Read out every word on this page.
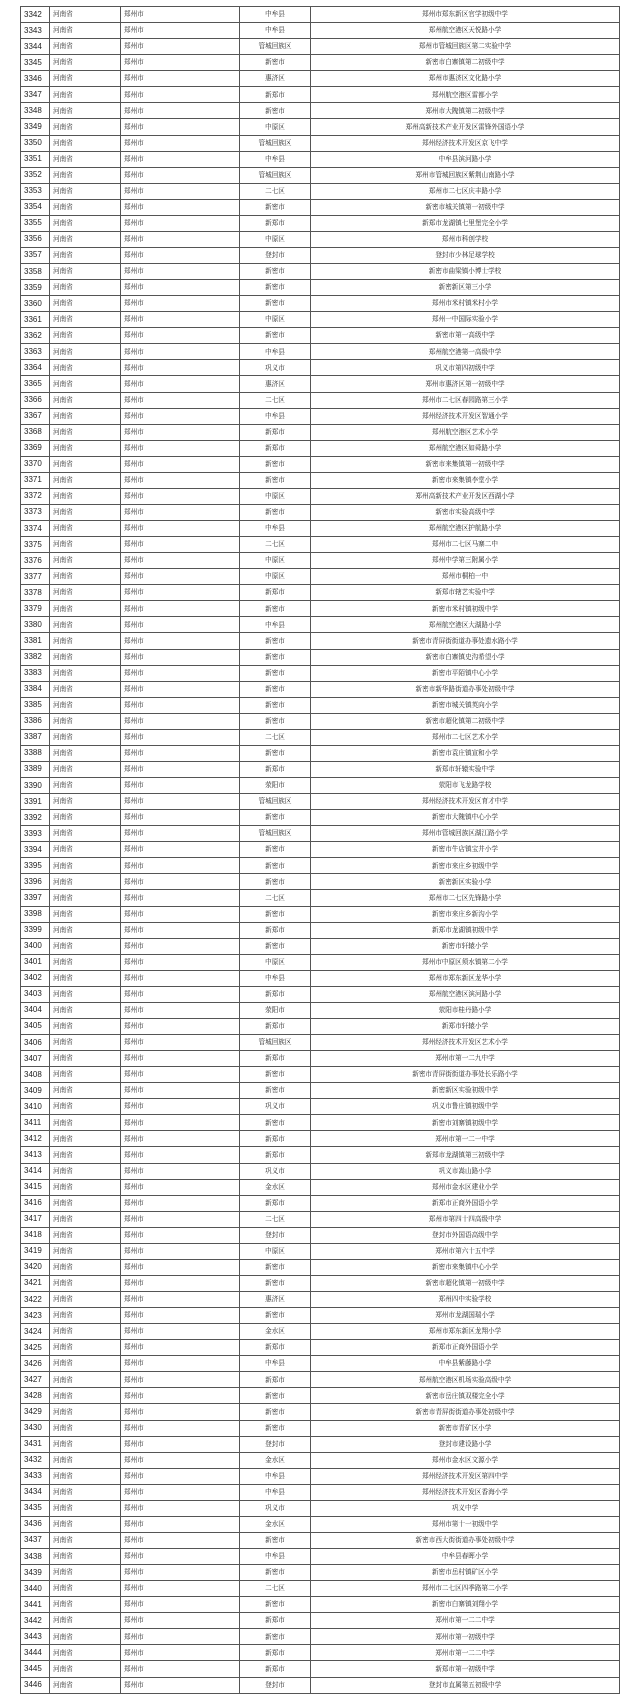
3342	河南省	郑州市	中牟县	郑州市郑东新区官学初级中学
3343	河南省	郑州市	中牟县	郑州航空港区天悦路小学
3344	河南省	郑州市	管城回族区	郑州市管城回族区第二实验中学
3345	河南省	郑州市	新密市	新密市白寨镇第二初级中学
3346	河南省	郑州市	惠济区	郑州市惠济区文化路小学
3347	河南省	郑州市	新郑市	郑州航空港区雷都小学
3348	河南省	郑州市	新密市	郑州市大隗镇第二初级中学
3349	河南省	郑州市	中原区	郑州高新技术产业开发区雷锋外国语小学
3350	河南省	郑州市	管城回族区	郑州经济技术开发区京飞中学
3351	河南省	郑州市	中牟县	中牟县滨河路小学
3352	河南省	郑州市	管城回族区	郑州市管城回族区紫荆山南路小学
3353	河南省	郑州市	二七区	郑州市二七区庆丰路小学
3354	河南省	郑州市	新密市	新密市城关镇第一初级中学
3355	河南省	郑州市	新郑市	新郑市龙湖镇七里堡完全小学
3356	河南省	郑州市	中原区	郑州市科创学校
3357	河南省	郑州市	登封市	登封市少林足球学校
3358	河南省	郑州市	新密市	新密市曲梁镇小博士学校
3359	河南省	郑州市	新密市	新密新区第三小学
3360	河南省	郑州市	新密市	郑州市米村镇米村小学
3361	河南省	郑州市	中原区	郑州一中国际实验小学
3362	河南省	郑州市	新密市	新密市第一高级中学
3363	河南省	郑州市	中牟县	郑州航空港第一高级中学
3364	河南省	郑州市	巩义市	巩义市第四初级中学
3365	河南省	郑州市	惠济区	郑州市惠济区第一初级中学
3366	河南省	郑州市	二七区	郑州市二七区春园路第三小学
3367	河南省	郑州市	中牟县	郑州经济技术开发区智通小学
3368	河南省	郑州市	新郑市	郑州航空港区艺术小学
3369	河南省	郑州市	新郑市	郑州航空港区如舜路小学
3370	河南省	郑州市	新密市	新密市来集镇第一初级中学
3371	河南省	郑州市	新密市	新密市来集镇李堂小学
3372	河南省	郑州市	中原区	郑州高新技术产业开发区西湖小学
3373	河南省	郑州市	新密市	新密市实验高级中学
3374	河南省	郑州市	中牟县	郑州航空港区护航路小学
3375	河南省	郑州市	二七区	郑州市二七区马寨二中
3376	河南省	郑州市	中原区	郑州中学第三附属小学
3377	河南省	郑州市	中原区	郑州市桐柏一中
3378	河南省	郑州市	新郑市	新郑市辖艺实验中学
3379	河南省	郑州市	新密市	新密市米村镇初级中学
3380	河南省	郑州市	中牟县	郑州航空港区大湖路小学
3381	河南省	郑州市	新密市	新密市青屏街街道办事处遗水路小学
3382	河南省	郑州市	新密市	新密市白寨镇史沟希望小学
3383	河南省	郑州市	新密市	新密市平陌镇中心小学
3384	河南省	郑州市	新密市	新密市新华路街道办事处初级中学
3385	河南省	郑州市	新密市	新密市城关镇英向小学
3386	河南省	郑州市	新密市	新密市超化镇第二初级中学
3387	河南省	郑州市	二七区	郑州市二七区艺术小学
3388	河南省	郑州市	新密市	新密市袁庄镇宣和小学
3389	河南省	郑州市	新郑市	新郑市轩辕实验中学
3390	河南省	郑州市	荥阳市	荥阳市飞龙路学校
3391	河南省	郑州市	管城回族区	郑州经济技术开发区育才中学
3392	河南省	郑州市	新密市	新密市大隗镇中心小学
3393	河南省	郑州市	管城回族区	郑州市管城回族区湖江路小学
3394	河南省	郑州市	新密市	新密市牛店镇宝井小学
3395	河南省	郑州市	新密市	新密市来庄乡初级中学
3396	河南省	郑州市	新密市	新密新区实验小学
3397	河南省	郑州市	二七区	郑州市二七区先锋路小学
3398	河南省	郑州市	新密市	新密市来庄乡新沟小学
3399	河南省	郑州市	新郑市	新郑市龙湖镇初级中学
3400	河南省	郑州市	新密市	新密市轩辕小学
3401	河南省	郑州市	中原区	郑州市中原区须水镇第二小学
3402	河南省	郑州市	中牟县	郑州市郑东新区龙华小学
3403	河南省	郑州市	新郑市	郑州航空港区滨河路小学
3404	河南省	郑州市	荥阳市	荥阳市桂丹路小学
3405	河南省	郑州市	新郑市	新郑市轩辕小学
3406	河南省	郑州市	管城回族区	郑州经济技术开发区艺术小学
3407	河南省	郑州市	新郑市	郑州市第一二九中学
3408	河南省	郑州市	新密市	新密市青屏街街道办事处长乐路小学
3409	河南省	郑州市	新密市	新密新区实验初级中学
3410	河南省	郑州市	巩义市	巩义市鲁庄镇初级中学
3411	河南省	郑州市	新密市	新密市刘寨镇初级中学
3412	河南省	郑州市	新郑市	郑州市第一二一中学
3413	河南省	郑州市	新郑市	新郑市龙湖镇第三初级中学
3414	河南省	郑州市	巩义市	巩义市嵩山路小学
3415	河南省	郑州市	金水区	郑州市金水区建业小学
3416	河南省	郑州市	新郑市	新郑市正商外国语小学
3417	河南省	郑州市	二七区	郑州市第四十四高级中学
3418	河南省	郑州市	登封市	登封市外国语高级中学
3419	河南省	郑州市	中原区	郑州市第六十五中学
3420	河南省	郑州市	新密市	新密市来集镇中心小学
3421	河南省	郑州市	新密市	新密市超化镇第一初级中学
3422	河南省	郑州市	惠济区	郑州四中实验学校
3423	河南省	郑州市	新密市	郑州市龙湖国瑞小学
3424	河南省	郑州市	金水区	郑州市郑东新区龙翔小学
3425	河南省	郑州市	新郑市	新郑市正商外国语小学
3426	河南省	郑州市	中牟县	中牟县紫藤路小学
3427	河南省	郑州市	新郑市	郑州航空港区机场实验高级中学
3428	河南省	郑州市	新密市	新密市岳庄镇双楼完全小学
3429	河南省	郑州市	新密市	新密市青屏街街道办事处初级中学
3430	河南省	郑州市	新密市	新密市青矿区小学
3431	河南省	郑州市	登封市	登封市建设路小学
3432	河南省	郑州市	金水区	郑州市金水区文源小学
3433	河南省	郑州市	中牟县	郑州经济技术开发区第四中学
3434	河南省	郑州市	中牟县	郑州经济技术开发区香海小学
3435	河南省	郑州市	巩义市	巩义中学
3436	河南省	郑州市	金水区	郑州市第十一初级中学
3437	河南省	郑州市	新密市	新密市西大街街道办事处初级中学
3438	河南省	郑州市	中牟县	中牟县春晖小学
3439	河南省	郑州市	新密市	新密市岳村镇矿区小学
3440	河南省	郑州市	二七区	郑州市二七区四季路第二小学
3441	河南省	郑州市	新密市	新密市白寨镇刘翔小学
3442	河南省	郑州市	新郑市	郑州市第一二二中学
3443	河南省	郑州市	新密市	郑州市第一初级中学
3444	河南省	郑州市	新郑市	郑州市第一二二中学
3445	河南省	郑州市	新郑市	新郑市第一初级中学
3446	河南省	郑州市	登封市	登封市直属第五初级中学
